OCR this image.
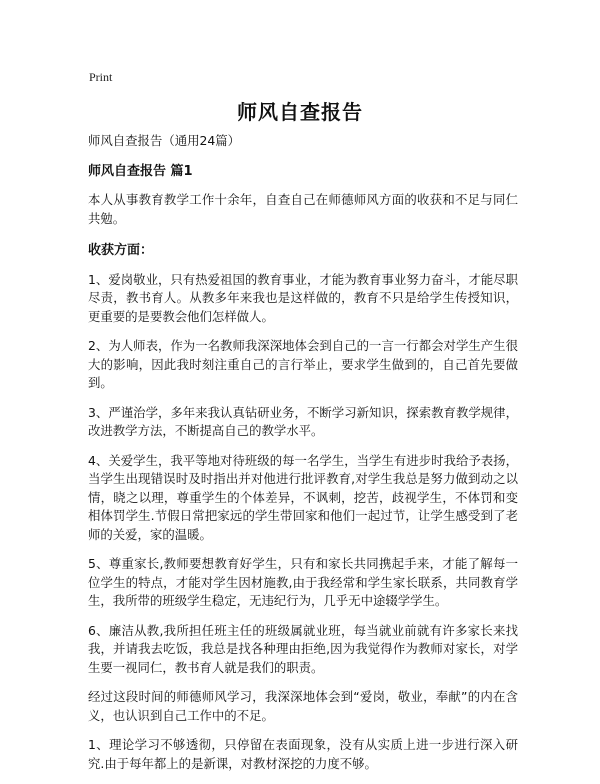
Print
师风自查报告

师风自查报告（通用24篇）

师风自查报告 篇1

本人从事教育教学工作十余年，自查自己在师德师风方面的收获和不足与同仁共勉。

收获方面：

1、爱岗敬业，只有热爱祖国的教育事业，才能为教育事业努力奋斗，才能尽职尽责，教书育人。从教多年来我也是这样做的，教育不只是给学生传授知识，更重要的是要教会他们怎样做人。

2、为人师表，作为一名教师我深深地体会到自己的一言一行都会对学生产生很大的影响，因此我时刻注重自己的言行举止，要求学生做到的，自己首先要做到。

3、严谨治学，多年来我认真钻研业务，不断学习新知识，探索教育教学规律，改进教学方法，不断提高自己的教学水平。

4、关爱学生，我平等地对待班级的每一名学生，当学生有进步时我给予表扬，当学生出现错误时及时指出并对他进行批评教育,对学生我总是努力做到动之以情，晓之以理，尊重学生的个体差异，不讽刺，挖苦，歧视学生，不体罚和变相体罚学生.节假日常把家远的学生带回家和他们一起过节，让学生感受到了老师的关爱，家的温暖。

5、尊重家长,教师要想教育好学生，只有和家长共同携起手来，才能了解每一位学生的特点，才能对学生因材施教,由于我经常和学生家长联系，共同教育学生，我所带的班级学生稳定，无违纪行为，几乎无中途辍学学生。

6、廉洁从教,我所担任班主任的班级属就业班，每当就业前就有许多家长来找我，并请我去吃饭，我总是找各种理由拒绝,因为我觉得作为教师对家长，对学生要一视同仁，教书育人就是我们的职责。

经过这段时间的师德师风学习，我深深地体会到“爱岗，敬业，奉献”的内在含义，也认识到自己工作中的不足。

1、理论学习不够透彻，只停留在表面现象，没有从实质上进一步进行深入研究.由于每年都上的是新课，对教材深挖的力度不够。
